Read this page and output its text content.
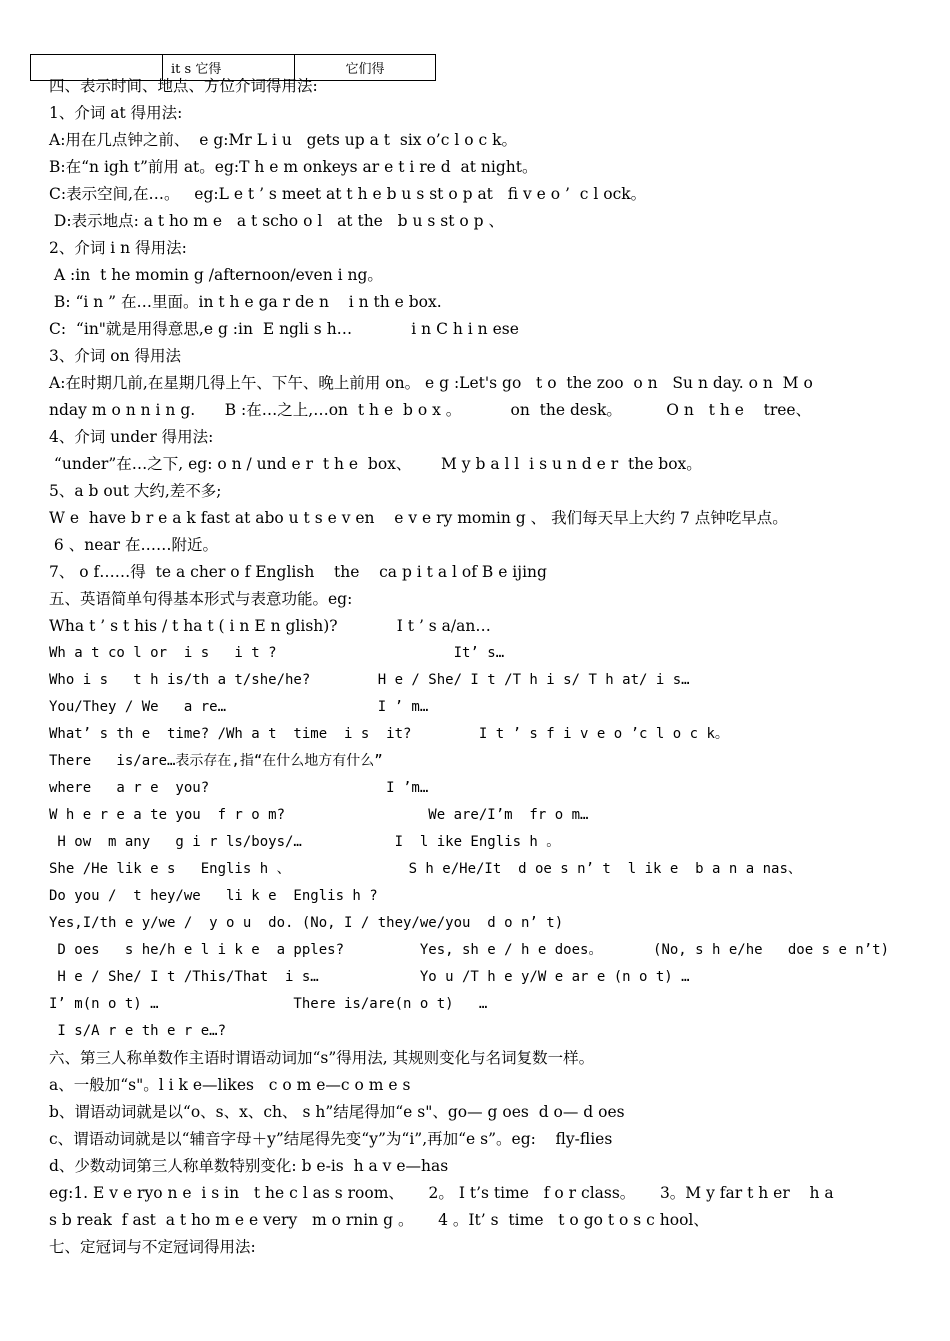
	it s 它得	它们得
四、表示时间、地点、方位介词得用法:
1、介词 at 得用法:
A:用在几点钟之前、  e g:Mr L i u   gets up a t  six o’c l o c k。
B:在“n igh t”前用 at。eg:T h e m onkeys ar e t i re d  at night。
C:表示空间,在…。   eg:L e t ’ s meet at t h e b u s st o p at   fi v e o ’  c l ock。
D:表示地点: a t ho m e   a t scho o l   at the   b u s st o p 、
2、介词 i n 得用法:
A :in  t he momin g /afternoon/even i ng。
B: “i n ” 在…里面。in t h e ga r de n    i n th e box.
C:  “in"就是用得意思,e g :in  E ngli s h…            i n C h i n ese
3、介词 on 得用法
A:在时期几前,在星期几得上午、下午、晚上前用 on。 e g :Let's go   t o  the zoo  o n   Su n day. o n  M o
nday m o n n i n g.      B :在…之上,…on  t h e  b o x 。          on  the desk。         O n   t h e    tree、
4、介词 under 得用法:
“under”在…之下, eg: o n / und e r  t h e  box、      M y b a l l  i s u n d e r  the box。
5、a b out 大约,差不多;
W e  have b r e a k fast at abo u t s e v en    e v e ry momin g 、 我们每天早上大约 7 点钟吃早点。
6 、near 在……附近。
7、 o f……得  te a cher o f English    the    ca p i t a l of B e ijing
五、英语简单句得基本形式与表意功能。eg:
Wha t ’ s t his / t ha t ( i n E n glish)?            I t ’ s a/an…
Wh a t co l or  i s   i t ?                     It’ s…
Who i s   t h is/th a t/she/he?        H e / She/ I t /T h i s/ T h at/ i s…
You/They / We   a re…                  I ’ m…
What’ s th e  time? /Wh a t  time  i s  it?        I t ’ s f i v e o ’c l o c k。
There   is/are…表示存在,指“在什么地方有什么”
where   a r e  you?                     I ’m…
W h e r e a te you  f r o m?                 We are/I’m  fr o m…
H ow  m any   g i r ls/boys/…           I  l ike Englis h 。
She /He lik e s   Englis h 、              S h e/He/It  d oe s n’ t  l ik e  b a n a nas、
Do you /  t hey/we   li k e  Englis h ?
Yes,I/th e y/we /  y o u  do. (No, I / they/we/you  d o n’ t)
D oes   s he/h e l i k e  a pples?         Yes, sh e / h e does。      (No, s h e/he   doe s e n’t)
H e / She/ I t /This/That  i s…            Yo u /T h e y/W e ar e (n o t) …
I’ m(n o t) …                There is/are(n o t)   …
I s/A r e th e r e…?
六、第三人称单数作主语时谓语动词加“s”得用法, 其规则变化与名词复数一样。
a、一般加“s"。l i k e—likes   c o m e—c o m e s
b、谓语动词就是以“o、s、x、ch、 s h”结尾得加“e s"、go— g oes  d o— d oes
c、谓语动词就是以“辅音字母＋y”结尾得先变“y”为“i”,再加“e s”。eg:    fly-flies
d、少数动词第三人称单数特别变化: b e-is  h a v e—has
eg:1. E v e ryo n e  i s in   t he c l as s room、     2。 I t’s time   f o r class。     3。M y far t h er    h a
s b reak  f ast  a t ho m e e very   m o rnin g 。     4 。It’ s  time   t o go t o s c hool、
七、定冠词与不定冠词得用法:
